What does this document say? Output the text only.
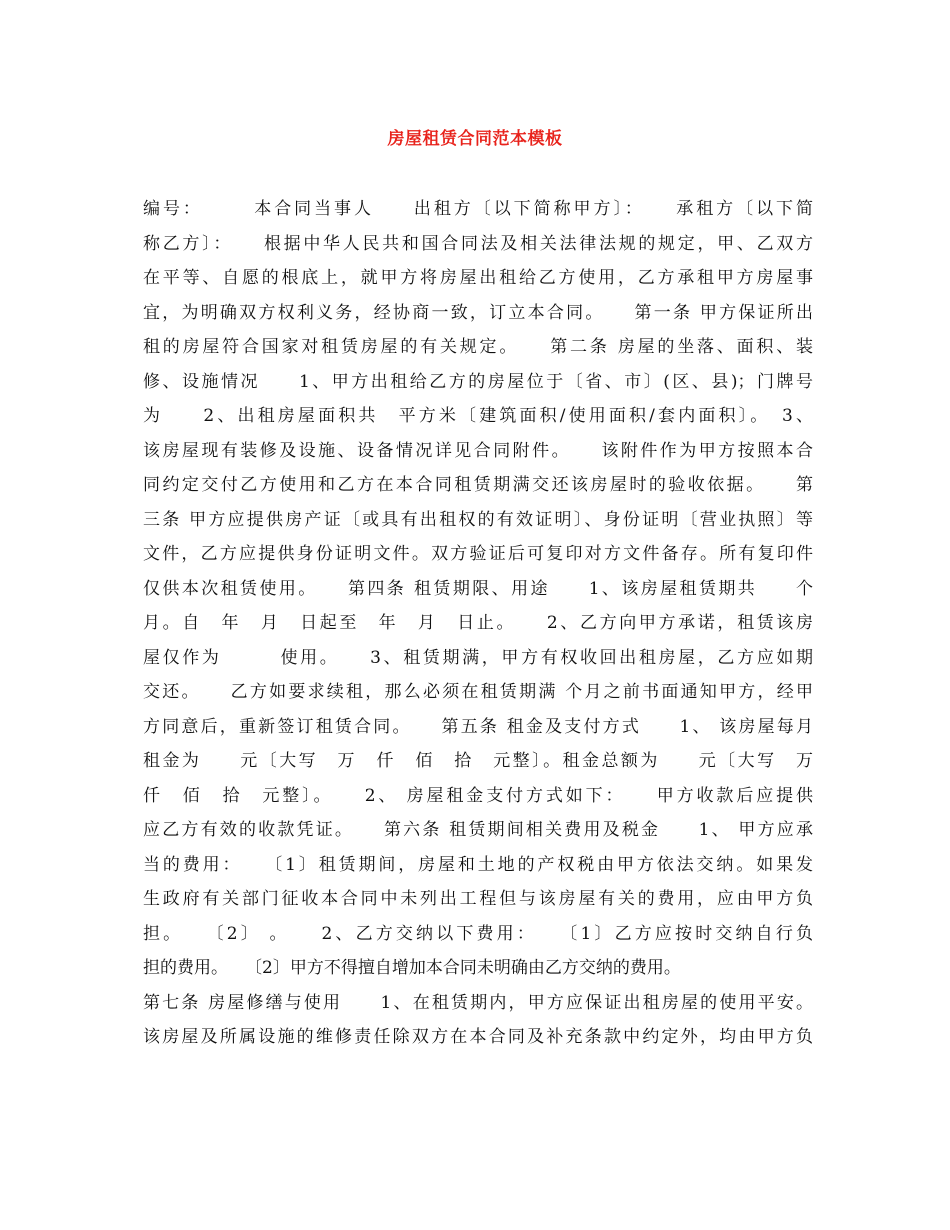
房屋租赁合同范本模板
编号：　　　本合同当事人　　出租方〔以下简称甲方〕：　　承租方〔以下简
称乙方〕：　　根据中华人民共和国合同法及相关法律法规的规定，甲、乙双方
在平等、自愿的根底上，就甲方将房屋出租给乙方使用，乙方承租甲方房屋事
宜，为明确双方权利义务，经协商一致，订立本合同。　　第一条 甲方保证所出
租的房屋符合国家对租赁房屋的有关规定。　　第二条 房屋的坐落、面积、装
修、设施情况　　1、甲方出租给乙方的房屋位于〔省、市〕(区、县)；门牌号
为　　2、出租房屋面积共　平方米〔建筑面积/使用面积/套内面积〕。　3、
该房屋现有装修及设施、设备情况详见合同附件。　　该附件作为甲方按照本合
同约定交付乙方使用和乙方在本合同租赁期满交还该房屋时的验收依据。　　第
三条 甲方应提供房产证〔或具有出租权的有效证明〕、身份证明〔营业执照〕等
文件，乙方应提供身份证明文件。双方验证后可复印对方文件备存。所有复印件
仅供本次租赁使用。　　第四条 租赁期限、用途　　1、该房屋租赁期共　　个
月。自　年　月　日起至　年　月　日止。　　2、乙方向甲方承诺，租赁该房
屋仅作为　　　使用。　　3、租赁期满，甲方有权收回出租房屋，乙方应如期
交还。　　乙方如要求续租，那么必须在租赁期满 个月之前书面通知甲方，经甲
方同意后，重新签订租赁合同。　　第五条 租金及支付方式　　1、 该房屋每月
租金为　　元〔大写　万　仟　佰　拾　元整〕。租金总额为　　元〔大写　万
仟　佰　拾　元整〕。　　2、 房屋租金支付方式如下：　　甲方收款后应提供
应乙方有效的收款凭证。　　第六条 租赁期间相关费用及税金　　1、 甲方应承
当的费用：　　〔1〕租赁期间，房屋和土地的产权税由甲方依法交纳。如果发
生政府有关部门征收本合同中未列出工程但与该房屋有关的费用，应由甲方负
担。　　〔2〕 。　　2、乙方交纳以下费用：　　〔1〕乙方应按时交纳自行负
担的费用。　　〔2〕甲方不得擅自增加本合同未明确由乙方交纳的费用。
第七条 房屋修缮与使用　　1、在租赁期内，甲方应保证出租房屋的使用平安。
该房屋及所属设施的维修责任除双方在本合同及补充条款中约定外，均由甲方负
